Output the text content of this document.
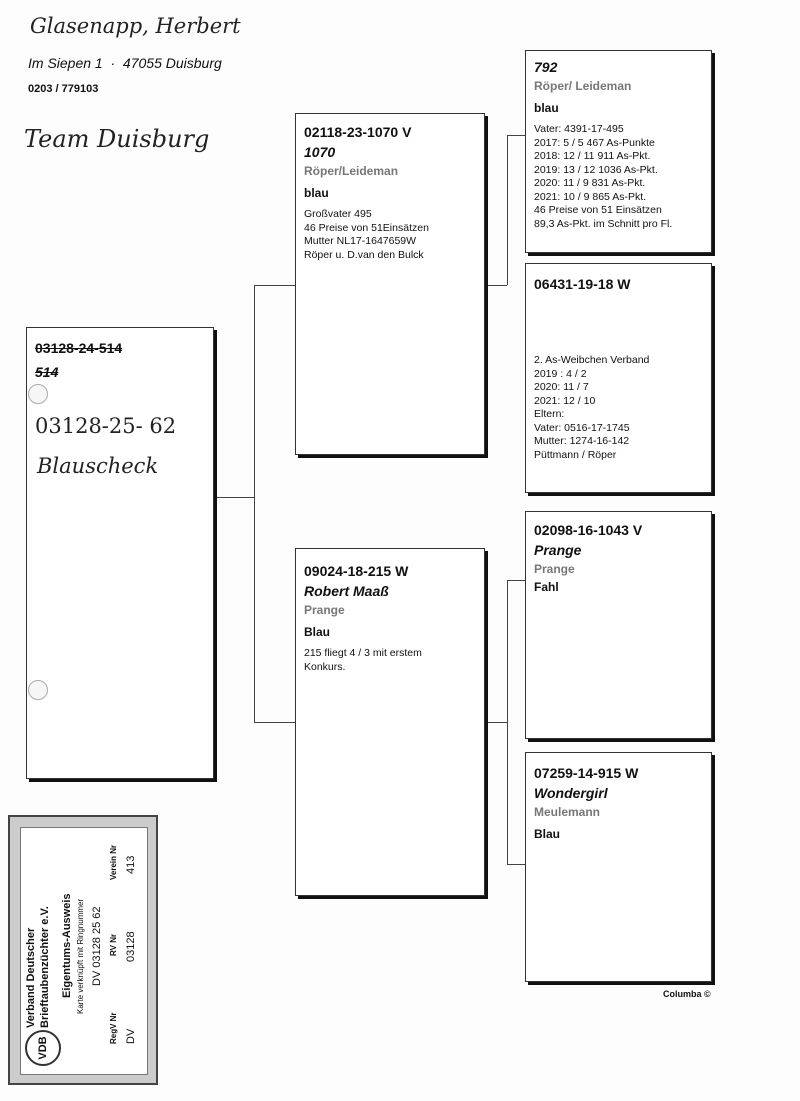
Glasenapp, Herbert
Im Siepen 1  ·  47055 Duisburg
0203 / 779103
Team Duisburg
03128-24-514
514
03128-25- 62
Blauscheck
02118-23-1070 V
1070
Röper/Leideman
blau
Großvater 495
46 Preise von 51Einsätzen
Mutter NL17-1647659W
Röper u. D.van den Bulck
09024-18-215 W
Robert Maaß
Prange
Blau
215 fliegt 4 / 3 mit erstem
Konkurs.
792
Röper/ Leideman
blau
Vater: 4391-17-495
2017: 5 / 5 467 As-Punkte
2018: 12 / 11 911 As-Pkt.
2019: 13 / 12 1036 As-Pkt.
2020: 11 / 9 831 As-Pkt.
2021: 10 / 9 865 As-Pkt.
46 Preise von 51 Einsätzen
89,3 As-Pkt. im Schnitt pro Fl.
06431-19-18 W
2. As-Weibchen Verband
2019 : 4 / 2
2020: 11 / 7
2021: 12 / 10
Eltern:
Vater: 0516-17-1745
Mutter: 1274-16-142
Püttmann / Röper
02098-16-1043 V
Prange
Prange
Fahl
07259-14-915 W
Wondergirl
Meulemann
Blau
Columba ©
VDB
Verband Deutscher Brieftaubenzüchter e.V. Eigentums-Ausweis Karte verknüpft mit Ringnummer DV 03128 25 62
RegV Nr
RV Nr
Verein Nr
DV
03128
413
